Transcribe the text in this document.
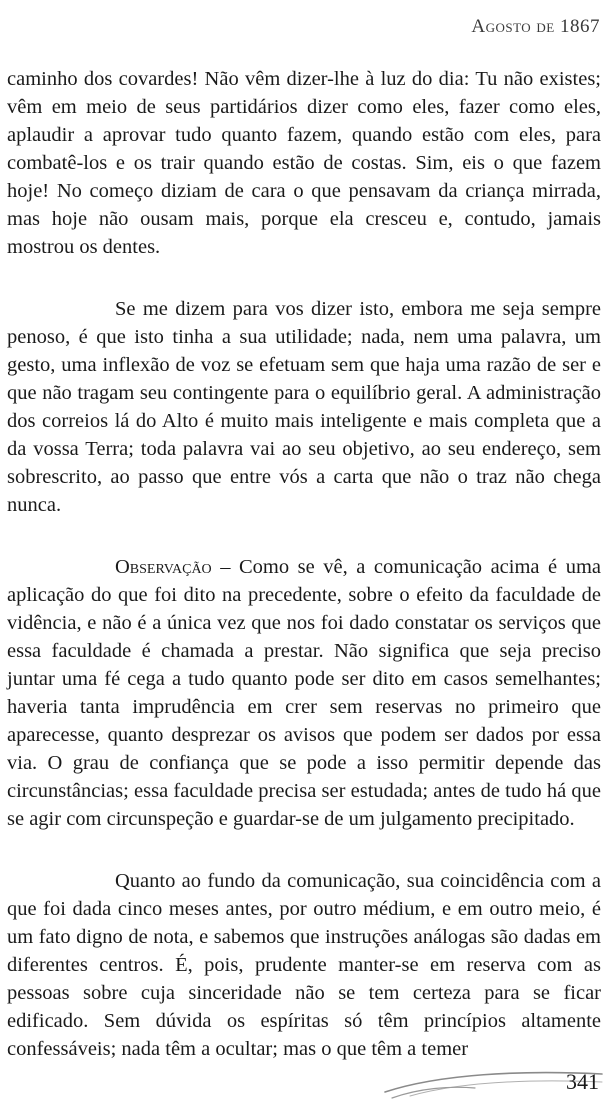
Agosto de 1867

caminho dos covardes! Não vêm dizer-lhe à luz do dia: Tu não existes; vêm em meio de seus partidários dizer como eles, fazer como eles, aplaudir a aprovar tudo quanto fazem, quando estão com eles, para combatê-los e os trair quando estão de costas. Sim, eis o que fazem hoje! No começo diziam de cara o que pensavam da criança mirrada, mas hoje não ousam mais, porque ela cresceu e, contudo, jamais mostrou os dentes.

Se me dizem para vos dizer isto, embora me seja sempre penoso, é que isto tinha a sua utilidade; nada, nem uma palavra, um gesto, uma inflexão de voz se efetuam sem que haja uma razão de ser e que não tragam seu contingente para o equilíbrio geral. A administração dos correios lá do Alto é muito mais inteligente e mais completa que a da vossa Terra; toda palavra vai ao seu objetivo, ao seu endereço, sem sobrescrito, ao passo que entre vós a carta que não o traz não chega nunca.

Observação – Como se vê, a comunicação acima é uma aplicação do que foi dito na precedente, sobre o efeito da faculdade de vidência, e não é a única vez que nos foi dado constatar os serviços que essa faculdade é chamada a prestar. Não significa que seja preciso juntar uma fé cega a tudo quanto pode ser dito em casos semelhantes; haveria tanta imprudência em crer sem reservas no primeiro que aparecesse, quanto desprezar os avisos que podem ser dados por essa via. O grau de confiança que se pode a isso permitir depende das circunstâncias; essa faculdade precisa ser estudada; antes de tudo há que se agir com circunspeção e guardar-se de um julgamento precipitado.

Quanto ao fundo da comunicação, sua coincidência com a que foi dada cinco meses antes, por outro médium, e em outro meio, é um fato digno de nota, e sabemos que instruções análogas são dadas em diferentes centros. É, pois, prudente manter-se em reserva com as pessoas sobre cuja sinceridade não se tem certeza para se ficar edificado. Sem dúvida os espíritas só têm princípios altamente confessáveis; nada têm a ocultar; mas o que têm a temer

341
